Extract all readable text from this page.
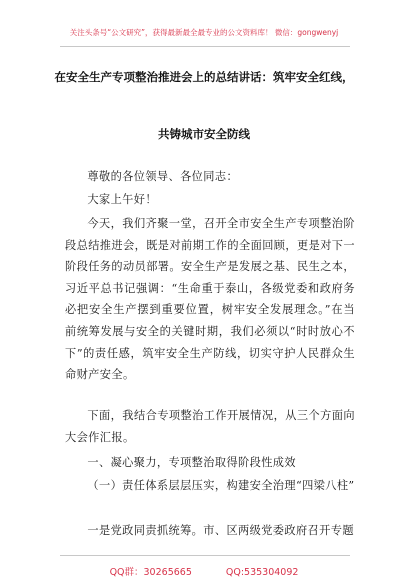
关注头条号“公文研究”，获得最新最全最专业的公文资料库！ 微信：gongwenyj
在安全生产专项整治推进会上的总结讲话：筑牢安全红线，
共铸城市安全防线

尊敬的各位领导、各位同志：

大家上午好！

今天，我们齐聚一堂，召开全市安全生产专项整治阶段总结推进会，既是对前期工作的全面回顾，更是对下一阶段任务的动员部署。安全生产是发展之基、民生之本，习近平总书记强调：“生命重于泰山，各级党委和政府务必把安全生产摆到重要位置，树牢安全发展理念。”在当前统筹发展与安全的关键时期，我们必须以“时时放心不下”的责任感，筑牢安全生产防线，切实守护人民群众生命财产安全。

下面，我结合专项整治工作开展情况，从三个方面向大会作汇报。

一、凝心聚力，专项整治取得阶段性成效

（一）责任体系层层压实，构建安全治理“四梁八柱”

一是党政同责抓统筹。市、区两级党委政府召开专题

QQ群：30265665	QQ:535304092
